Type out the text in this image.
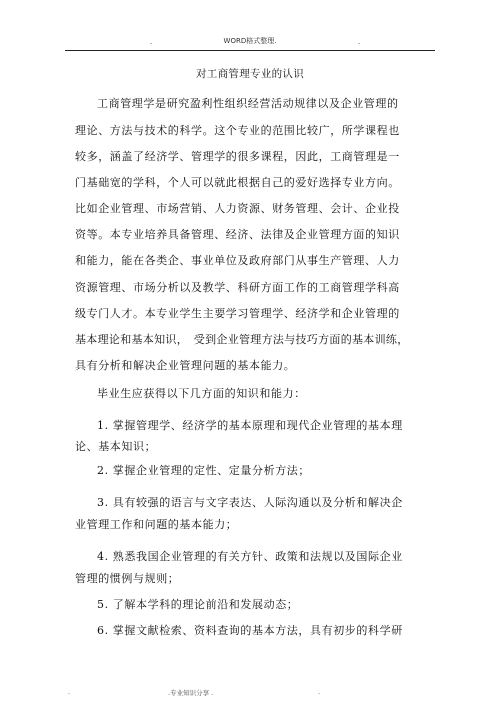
.	WORD格式整理.	.
对工商管理专业的认识
工商管理学是研究盈利性组织经营活动规律以及企业管理的
理论、方法与技术的科学。这个专业的范围比较广，所学课程也
较多，涵盖了经济学、管理学的很多课程，因此，工商管理是一
门基础宽的学科，个人可以就此根据自己的爱好选择专业方向。
比如企业管理、市场营销、人力资源、财务管理、会计、企业投
资等。本专业培养具备管理、经济、法律及企业管理方面的知识
和能力，能在各类企、事业单位及政府部门从事生产管理、人力
资源管理、市场分析以及教学、科研方面工作的工商管理学科高
级专门人才。本专业学生主要学习管理学、经济学和企业管理的
基本理论和基本知识，　受到企业管理方法与技巧方面的基本训练，
具有分析和解决企业管理问题的基本能力。
毕业生应获得以下几方面的知识和能力：
1. 掌握管理学、经济学的基本原理和现代企业管理的基本理
论、基本知识；
2. 掌握企业管理的定性、定量分析方法；
3. 具有较强的语言与文字表达、人际沟通以及分析和解决企
业管理工作和问题的基本能力；
4. 熟悉我国企业管理的有关方针、政策和法规以及国际企业
管理的惯例与规则；
5. 了解本学科的理论前沿和发展动态；
6. 掌握文献检索、资料查询的基本方法，具有初步的科学研
.	.专业知识分享 .	.
